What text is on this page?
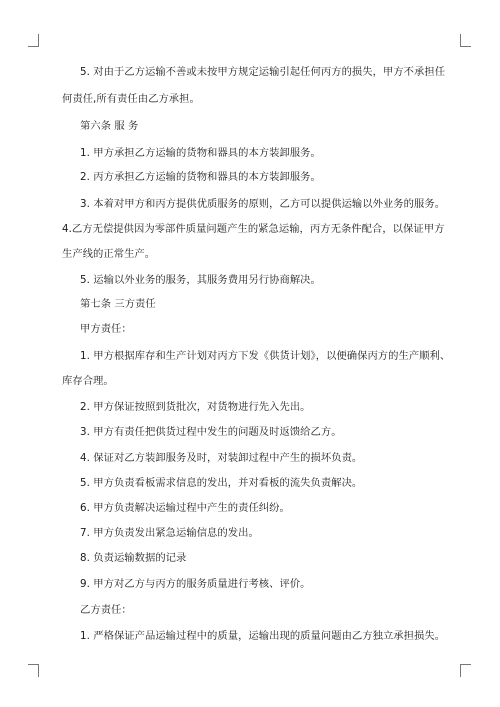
5. 对由于乙方运输不善或未按甲方规定运输引起任何丙方的损失，甲方不承担任
何责任,所有责任由乙方承担。
第六条 服 务
1. 甲方承担乙方运输的货物和器具的本方装卸服务。
2. 丙方承担乙方运输的货物和器具的本方装卸服务。
3. 本着对甲方和丙方提供优质服务的原则，乙方可以提供运输以外业务的服务。
4.乙方无偿提供因为零部件质量问题产生的紧急运输，丙方无条件配合，以保证甲方
生产线的正常生产。
5. 运输以外业务的服务，其服务费用另行协商解决。
第七条 三方责任
甲方责任：
1. 甲方根据库存和生产计划对丙方下发《供货计划》，以便确保丙方的生产顺利、
库存合理。
2. 甲方保证按照到货批次，对货物进行先入先出。
3. 甲方有责任把供货过程中发生的问题及时返馈给乙方。
4. 保证对乙方装卸服务及时，对装卸过程中产生的损坏负责。
5. 甲方负责看板需求信息的发出，并对看板的流失负责解决。
6. 甲方负责解决运输过程中产生的责任纠纷。
7. 甲方负责发出紧急运输信息的发出。
8. 负责运输数据的记录
9. 甲方对乙方与丙方的服务质量进行考核、评价。
乙方责任：
1. 严格保证产品运输过程中的质量，运输出现的质量问题由乙方独立承担损失。
